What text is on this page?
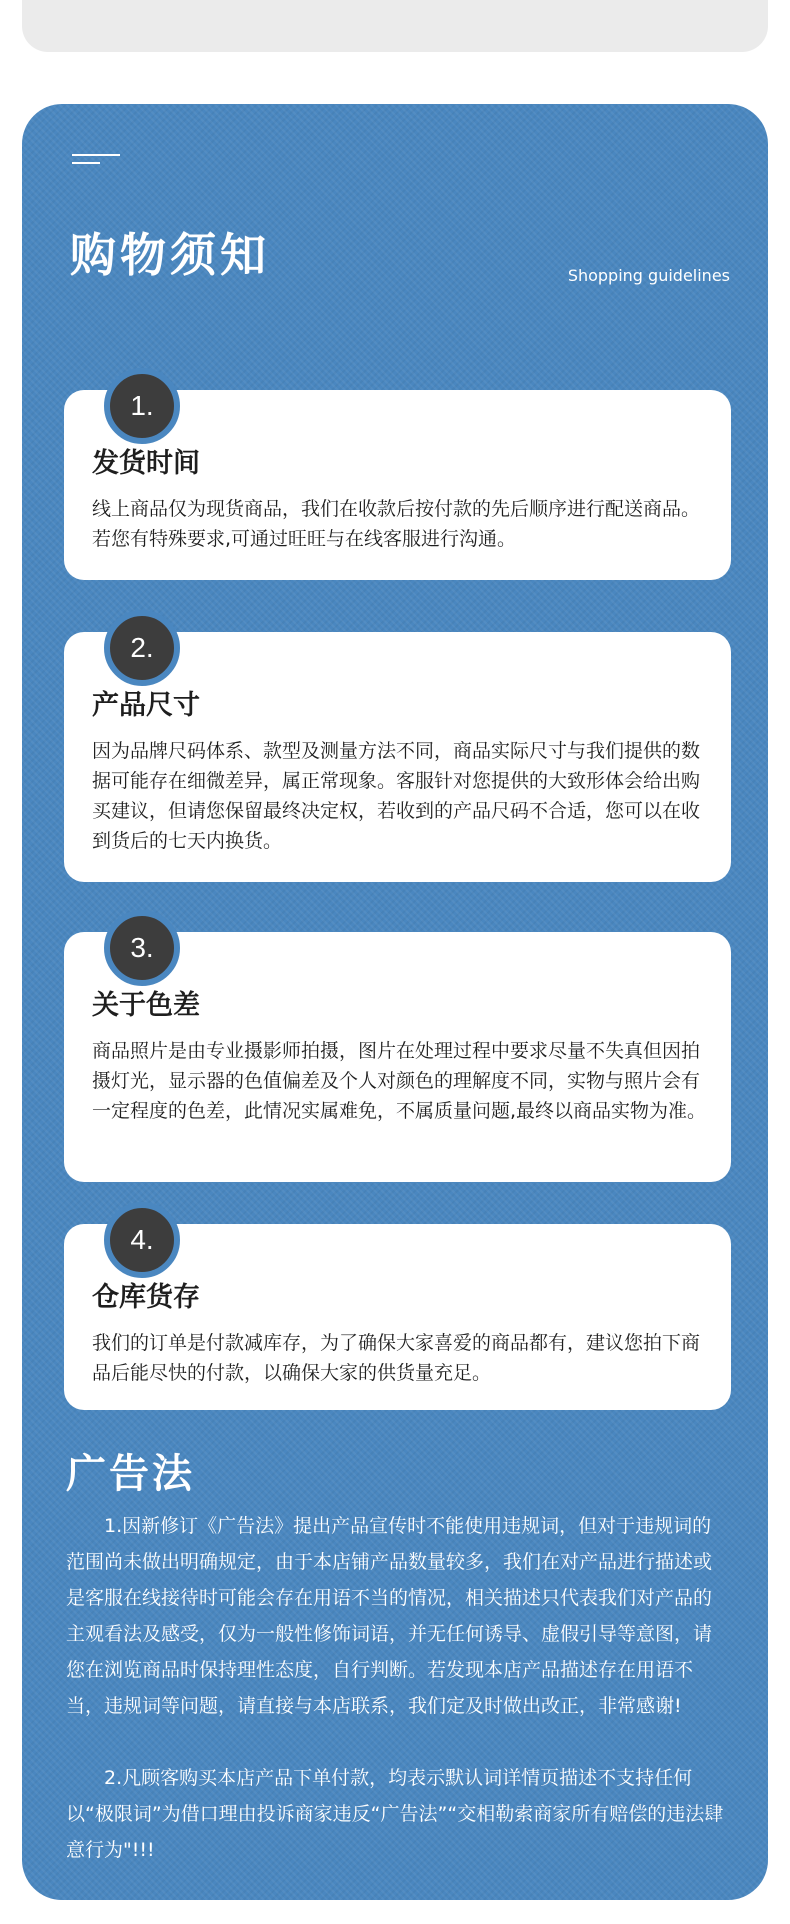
购物须知	Shopping guidelines
1.
发货时间
线上商品仅为现货商品，我们在收款后按付款的先后顺序进行配送商品。若您有特殊要求,可通过旺旺与在线客服进行沟通。
2.
产品尺寸
因为品牌尺码体系、款型及测量方法不同，商品实际尺寸与我们提供的数据可能存在细微差异，属正常现象。客服针对您提供的大致形体会给出购买建议，但请您保留最终决定权，若收到的产品尺码不合适，您可以在收到货后的七天内换货。
3.
关于色差
商品照片是由专业摄影师拍摄，图片在处理过程中要求尽量不失真但因拍摄灯光，显示器的色值偏差及个人对颜色的理解度不同，实物与照片会有一定程度的色差，此情况实属难免，不属质量问题,最终以商品实物为准。
4.
仓库货存
我们的订单是付款减库存，为了确保大家喜爱的商品都有，建议您拍下商品后能尽快的付款，以确保大家的供货量充足。
广告法

1.因新修订《广告法》提出产品宣传时不能使用违规词，但对于违规词的范围尚未做出明确规定，由于本店铺产品数量较多，我们在对产品进行描述或是客服在线接待时可能会存在用语不当的情况，相关描述只代表我们对产品的主观看法及感受，仅为一般性修饰词语，并无任何诱导、虚假引导等意图，请您在浏览商品时保持理性态度，自行判断。若发现本店产品描述存在用语不当，违规词等问题，请直接与本店联系，我们定及时做出改正，非常感谢!

2.凡顾客购买本店产品下单付款，均表示默认词详情页描述不支持任何以“极限词”为借口理由投诉商家违反“广告法”“交相勒索商家所有赔偿的违法肆意行为"!!!
